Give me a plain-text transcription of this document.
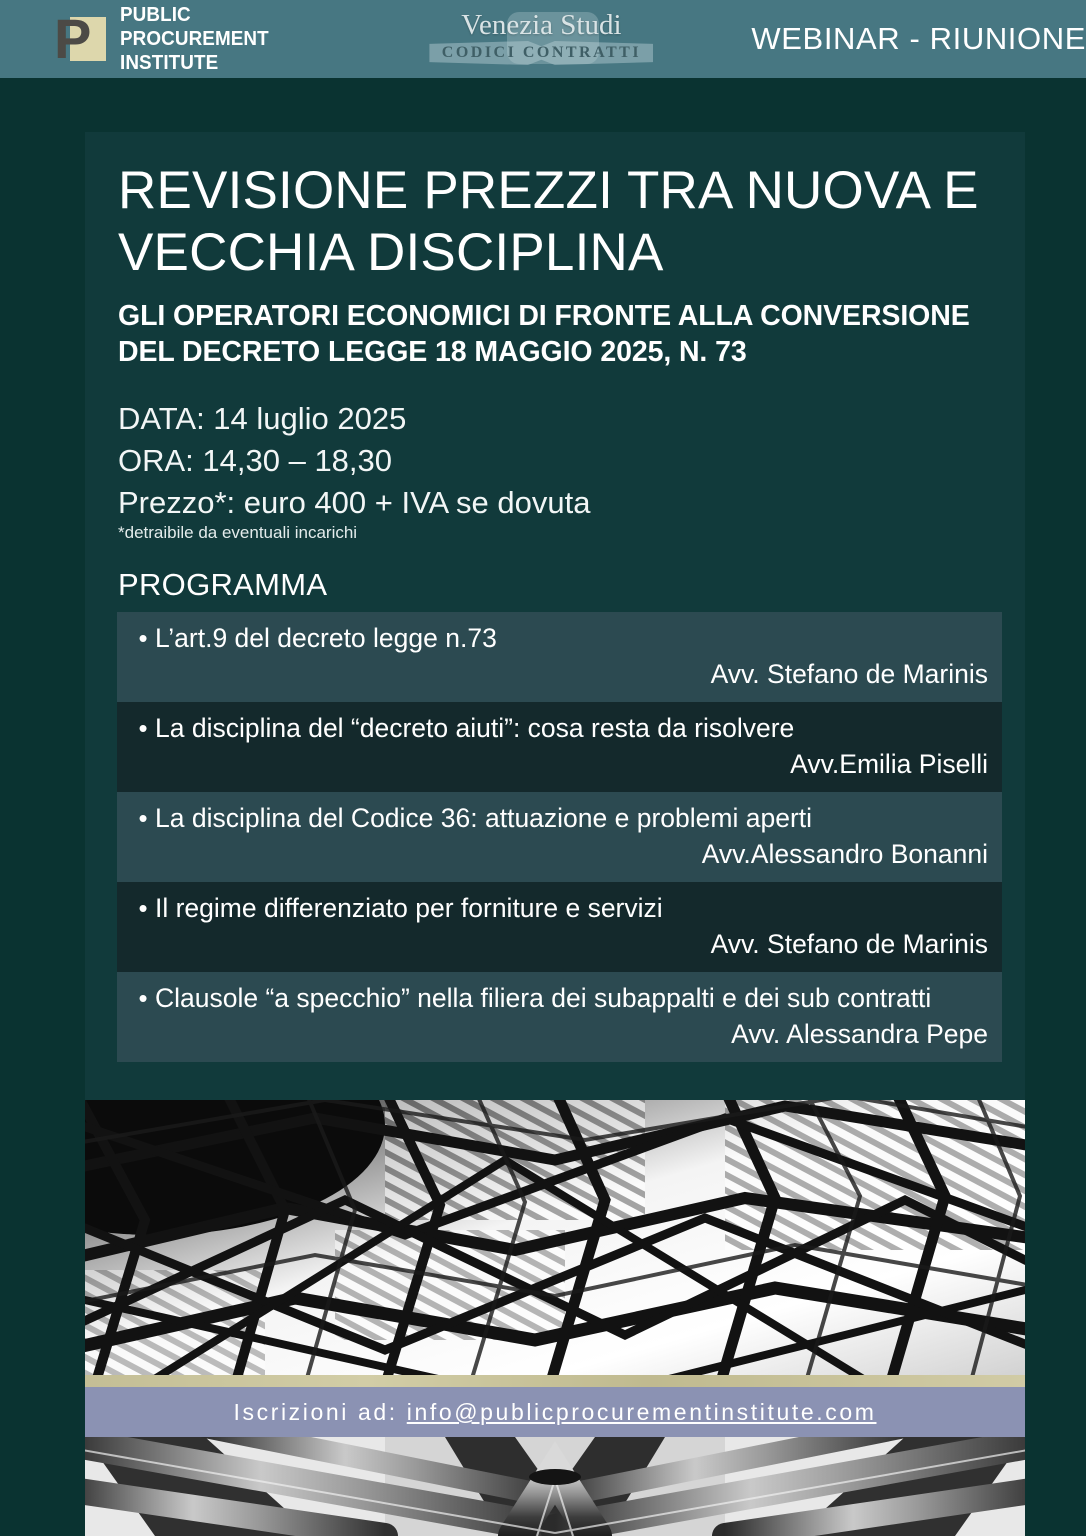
P PUBLIC PROCUREMENT
INSTITUTE
Venezia Studi
CODICI CONTRATTI	WEBINAR - RIUNIONE
REVISIONE PREZZI TRA NUOVA E VECCHIA DISCIPLINA
GLI OPERATORI ECONOMICI DI FRONTE ALLA CONVERSIONE DEL DECRETO LEGGE 18 MAGGIO 2025, N. 73
DATA: 14 luglio 2025
ORA: 14,30 – 18,30
Prezzo*: euro 400 + IVA se dovuta
*detraibile da eventuali incarichi
PROGRAMMA
• L’art.9 del decreto legge n.73
Avv. Stefano de Marinis
• La disciplina del “decreto aiuti”: cosa resta da risolvere
Avv.Emilia Piselli
• La disciplina del Codice 36: attuazione e problemi aperti
Avv.Alessandro Bonanni
• Il regime differenziato per forniture e servizi
Avv. Stefano de Marinis
• Clausole “a specchio” nella filiera dei subappalti e dei sub contratti
Avv. Alessandra Pepe
Iscrizioni ad: info@publicprocurementinstitute.com
